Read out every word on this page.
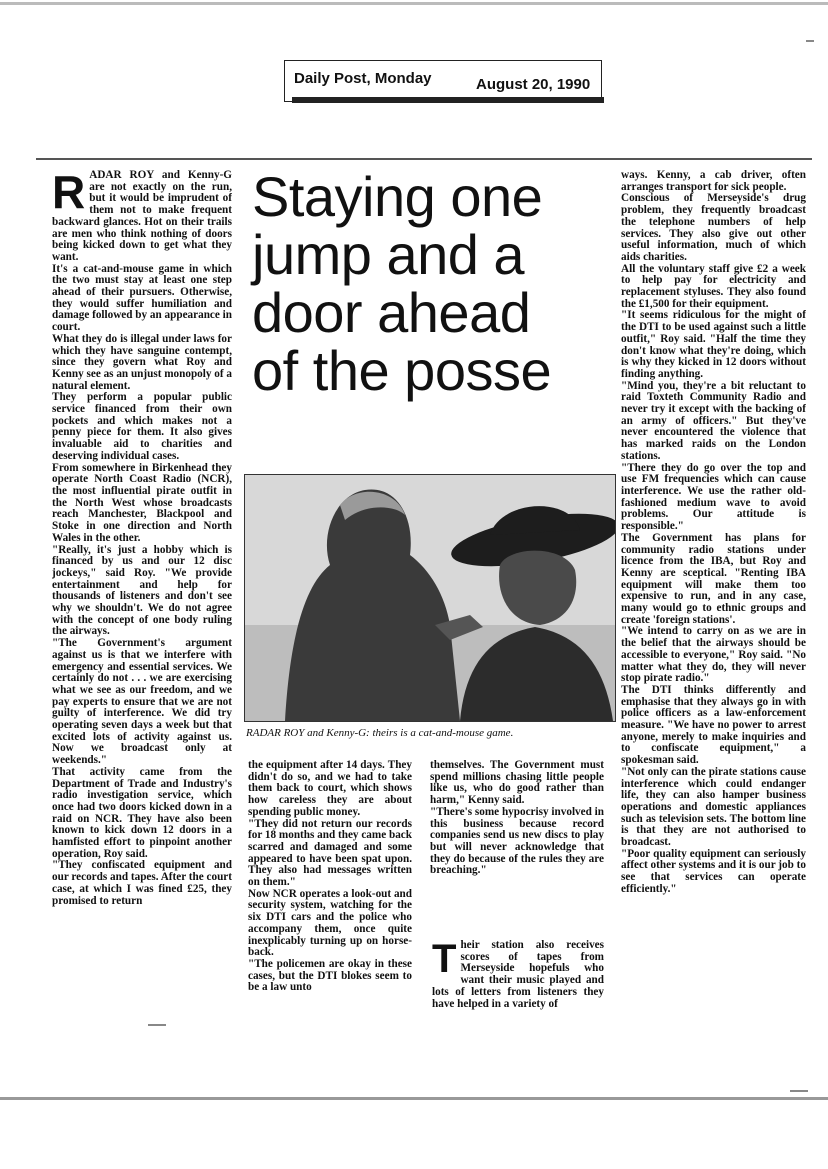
Daily Post, Monday	August 20, 1990
R ADAR ROY and Kenny-G are not exactly on the run, but it would be imprudent of them not to make frequent backward glances. Hot on their trails are men who think nothing of doors being kicked down to get what they want.

It's a cat-and-mouse game in which the two must stay at least one step ahead of their pursuers. Otherwise, they would suffer humiliation and damage followed by an appearance in court.

What they do is illegal under laws for which they have sanguine contempt, since they govern what Roy and Kenny see as an unjust monopoly of a natural element.

They perform a popular public service financed from their own pockets and which makes not a penny piece for them. It also gives invaluable aid to charities and deserving individual cases.

From somewhere in Birkenhead they operate North Coast Radio (NCR), the most influential pirate outfit in the North West whose broadcasts reach Manchester, Blackpool and Stoke in one direction and North Wales in the other.

"Really, it's just a hobby which is financed by us and our 12 disc jockeys," said Roy. "We provide entertainment and help for thousands of listeners and don't see why we shouldn't. We do not agree with the concept of one body ruling the airways.

"The Government's argument against us is that we interfere with emergency and essential services. We certainly do not . . . we are exercising what we see as our freedom, and we pay experts to ensure that we are not guilty of interference. We did try operating seven days a week but that excited lots of activity against us. Now we broadcast only at weekends."

That activity came from the Department of Trade and Industry's radio investigation service, which once had two doors kicked down in a raid on NCR. They have also been known to kick down 12 doors in a hamfisted effort to pinpoint another operation, Roy said.

"They confiscated equipment and our records and tapes. After the court case, at which I was fined £25, they promised to return

Staying one
jump and a
door ahead
of the posse
RADAR ROY and Kenny-G: theirs is a cat-and-mouse game.

the equipment after 14 days. They didn't do so, and we had to take them back to court, which shows how careless they are about spending public money.

"They did not return our records for 18 months and they came back scarred and damaged and some appeared to have been spat upon. They also had messages written on them."

Now NCR operates a look-out and security system, watching for the six DTI cars and the police who accompany them, once quite inexplicably turning up on horse-back.

"The policemen are okay in these cases, but the DTI blokes seem to be a law unto

themselves. The Government must spend millions chasing little people like us, who do good rather than harm," Kenny said.

"There's some hypocrisy involved in this business because record companies send us new discs to play but will never acknowledge that they do because of the rules they are breaching."

T heir station also receives scores of tapes from Merseyside hopefuls who want their music played and lots of letters from listeners they have helped in a variety of

ways. Kenny, a cab driver, often arranges transport for sick people.

Conscious of Merseyside's drug problem, they frequently broadcast the telephone numbers of help services. They also give out other useful information, much of which aids charities.

All the voluntary staff give £2 a week to help pay for electricity and replacement styluses. They also found the £1,500 for their equipment.

"It seems ridiculous for the might of the DTI to be used against such a little outfit," Roy said. "Half the time they don't know what they're doing, which is why they kicked in 12 doors without finding anything.

"Mind you, they're a bit reluctant to raid Toxteth Community Radio and never try it except with the backing of an army of officers." But they've never encountered the violence that has marked raids on the London stations.

"There they do go over the top and use FM frequencies which can cause interference. We use the rather old-fashioned medium wave to avoid problems. Our attitude is responsible."

The Government has plans for community radio stations under licence from the IBA, but Roy and Kenny are sceptical. "Renting IBA equipment will make them too expensive to run, and in any case, many would go to ethnic groups and create 'foreign stations'.

"We intend to carry on as we are in the belief that the airways should be accessible to everyone," Roy said. "No matter what they do, they will never stop pirate radio."

The DTI thinks differently and emphasise that they always go in with police officers as a law-enforcement measure. "We have no power to arrest anyone, merely to make inquiries and to confiscate equipment," a spokesman said.

"Not only can the pirate stations cause interference which could endanger life, they can also hamper business operations and domestic appliances such as television sets. The bottom line is that they are not authorised to broadcast.

"Poor quality equipment can seriously affect other systems and it is our job to see that services can operate efficiently."
